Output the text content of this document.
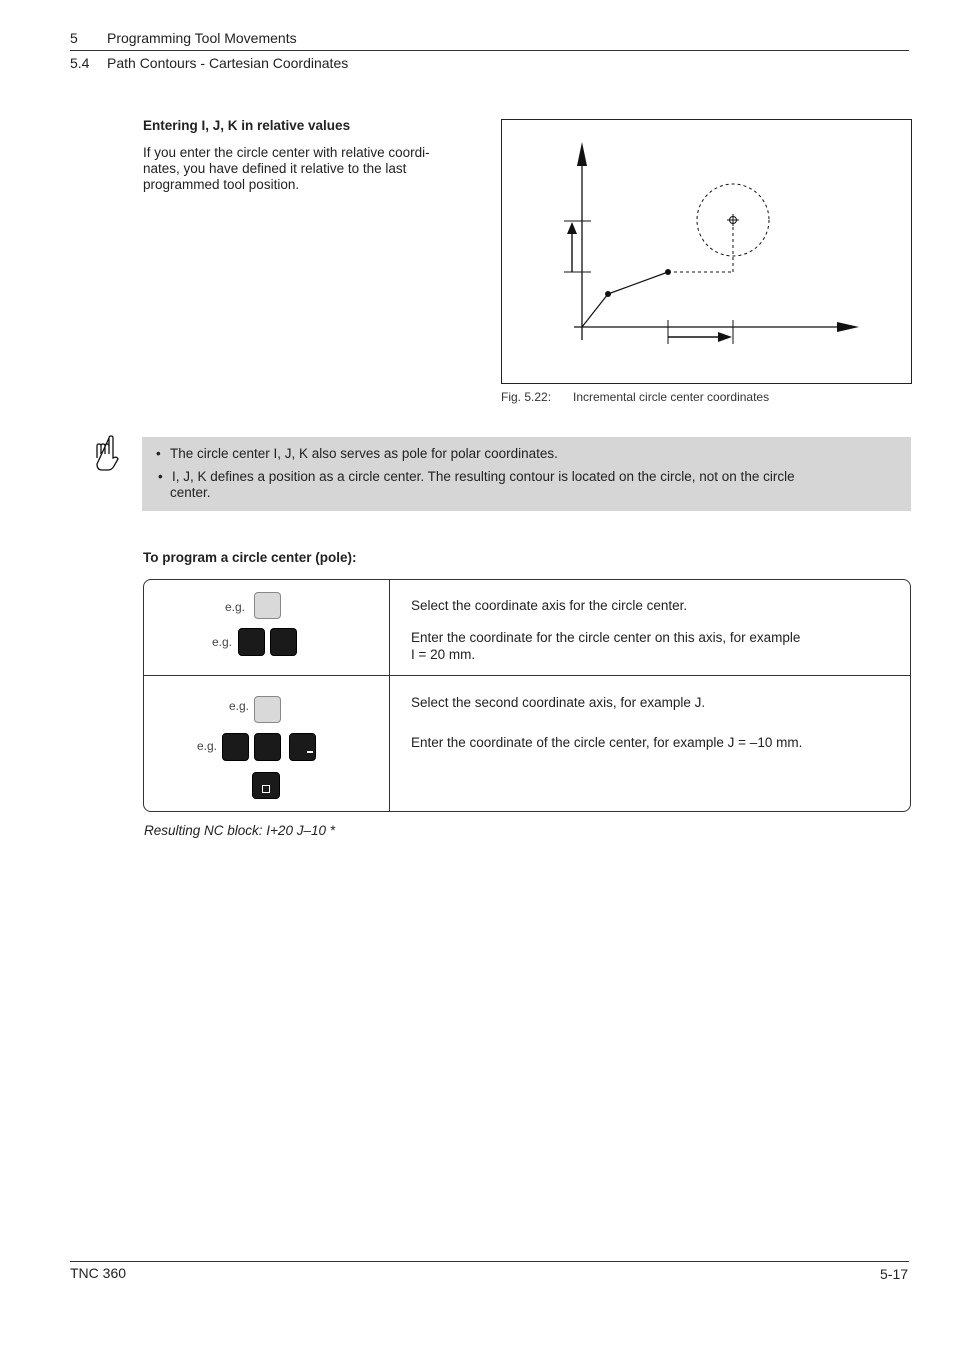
5 Programming Tool Movements
5.4 Path Contours - Cartesian Coordinates
Entering I, J, K in relative values
If you enter the circle center with relative coordi-
nates, you have defined it relative to the last
programmed tool position.
Fig. 5.22: Incremental circle center coordinates
• The circle center I, J, K also serves as pole for polar coordinates.
• I, J, K defines a position as a circle center. The resulting contour is located on the circle, not on the circle
center.
To program a circle center (pole):
e.g.
e.g.
Select the coordinate axis for the circle center.
Enter the coordinate for the circle center on this axis, for example
I = 20 mm.
e.g.
e.g.
Select the second coordinate axis, for example J.
Enter the coordinate of the circle center, for example J = –10 mm.
Resulting NC block: I+20 J–10 *
TNC 360	5-17
